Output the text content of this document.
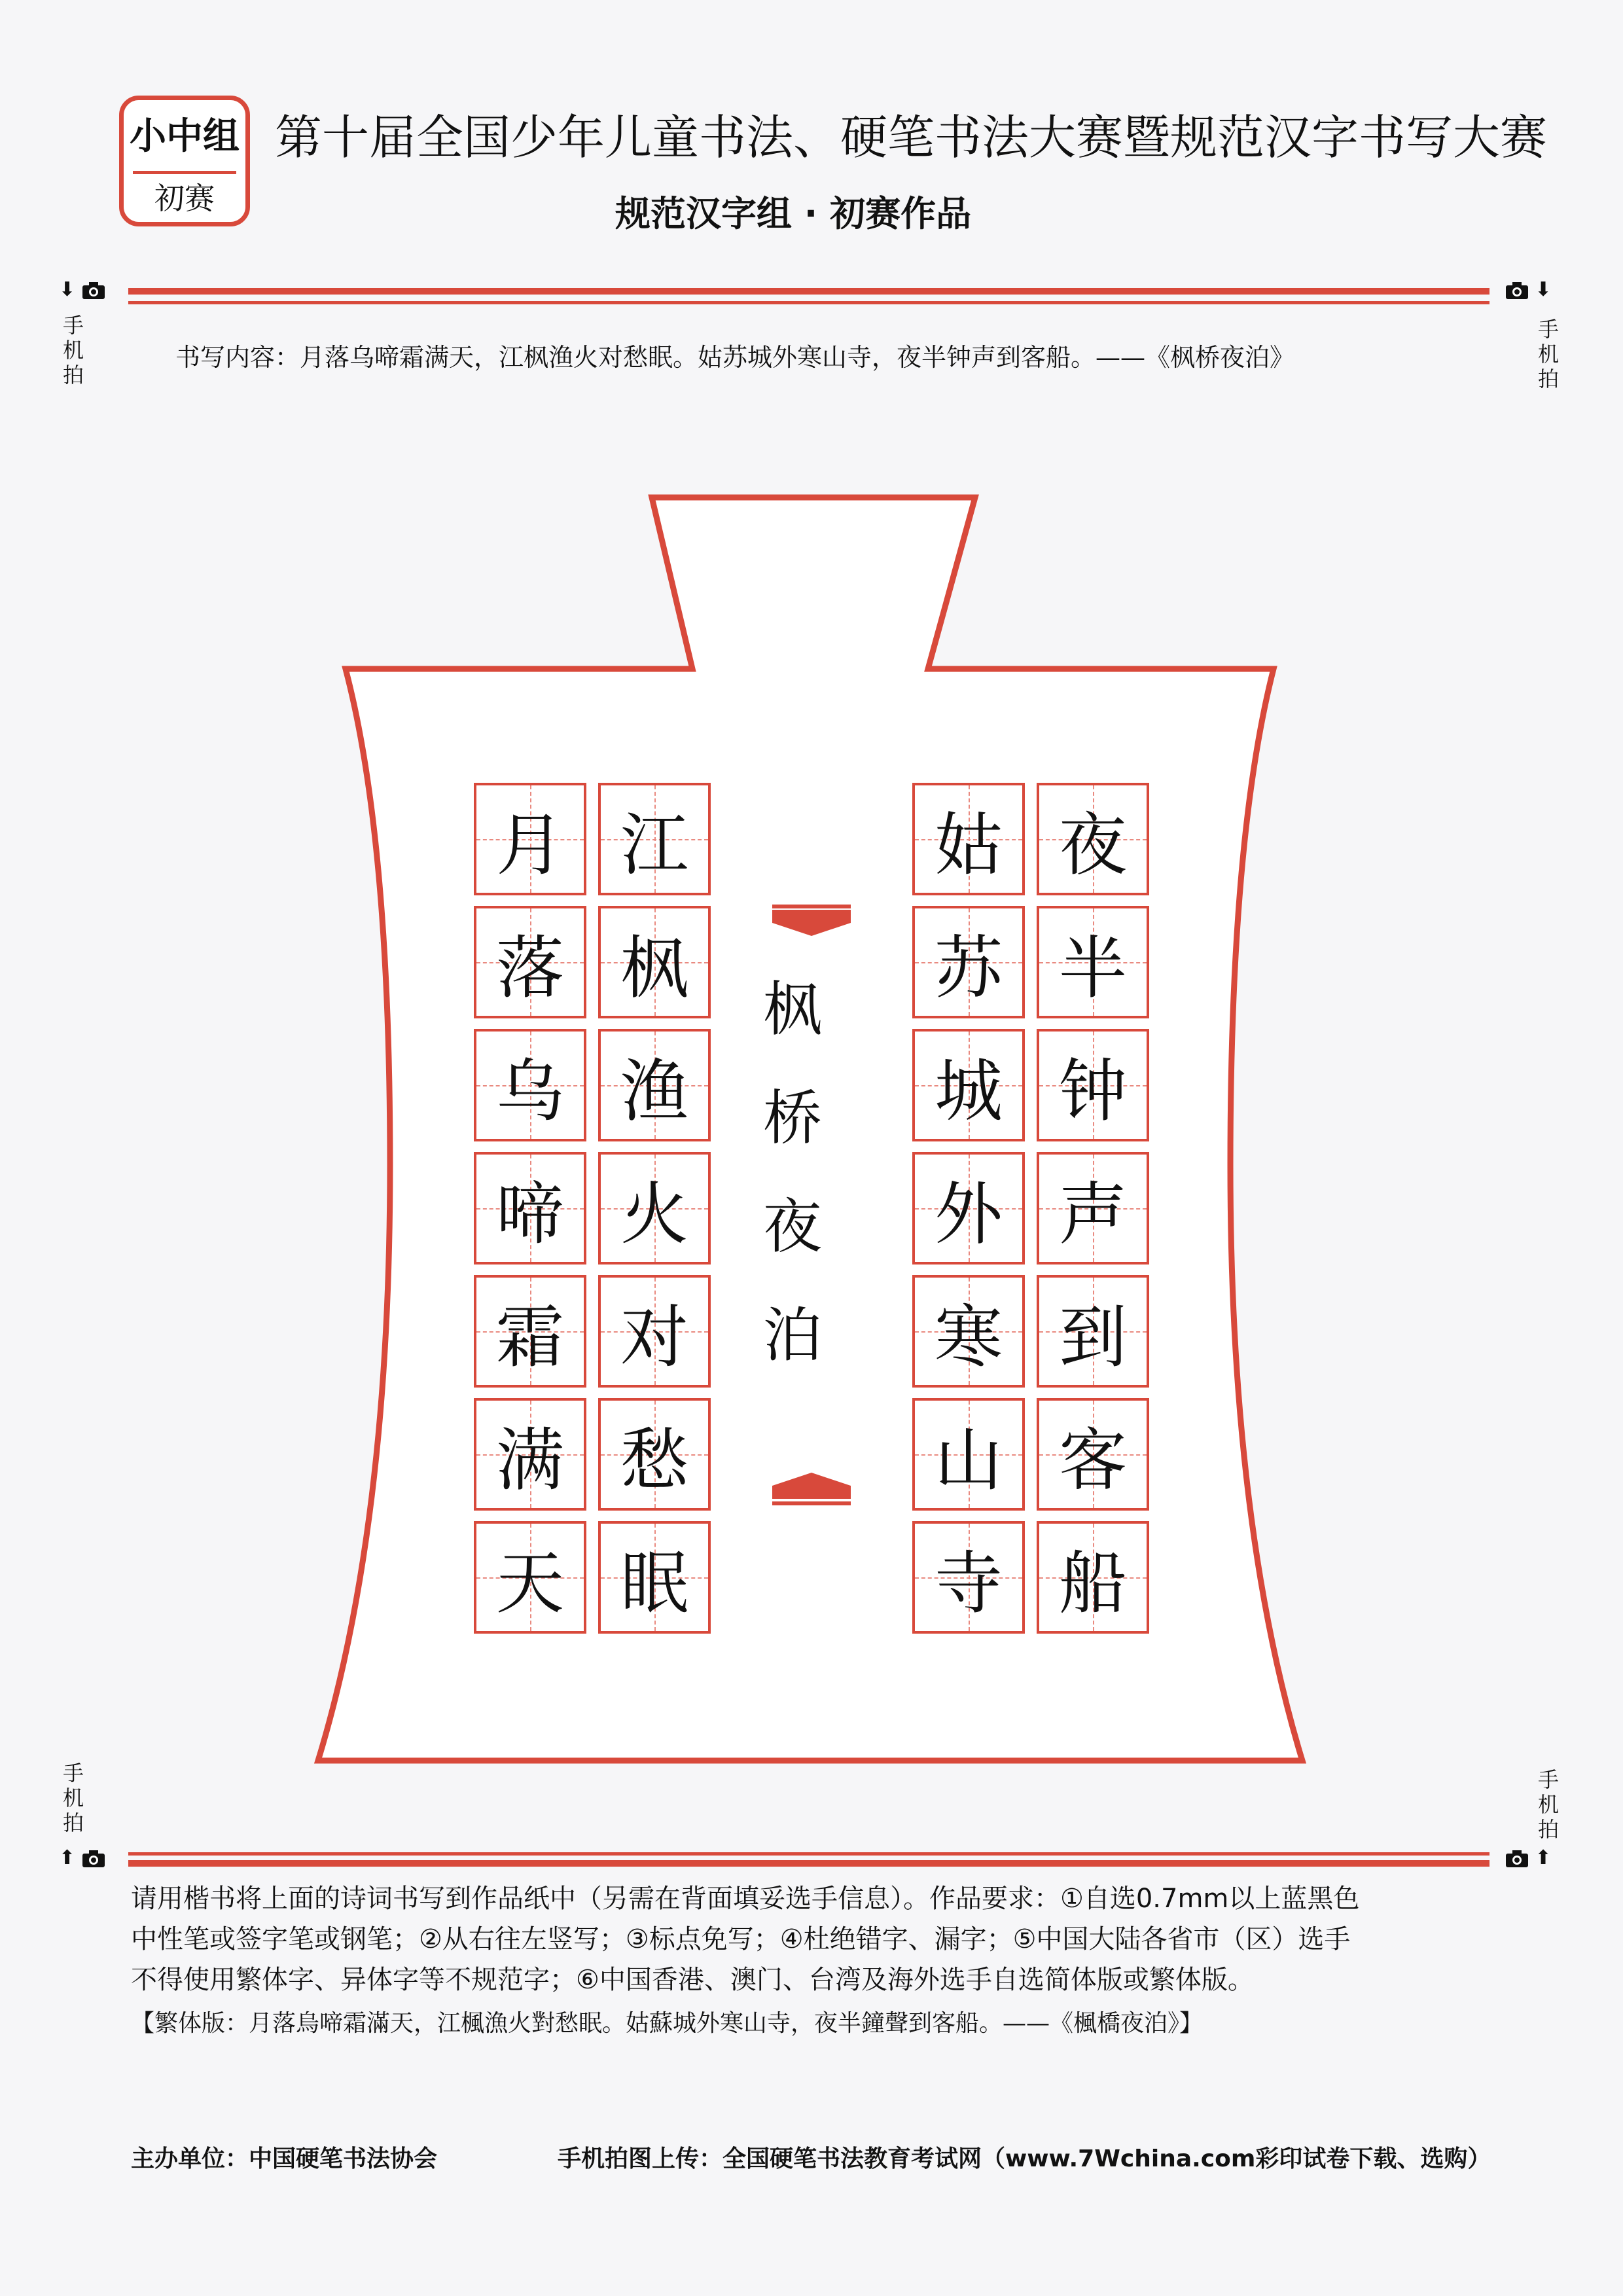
小中组
初赛
第十届全国少年儿童书法、硬笔书法大赛暨规范汉字书写大赛
规范汉字组 · 初赛作品
⬇
手
机
拍
⬇
手
机
拍
手
机
拍
⬆
手
机
拍
⬆
书写内容：月落乌啼霜满天，江枫渔火对愁眠。姑苏城外寒山寺，夜半钟声到客船。——《枫桥夜泊》
月
落
乌
啼
霜
满
天
江
枫
渔
火
对
愁
眠
姑
苏
城
外
寒
山
寺
夜
半
钟
声
到
客
船
枫
桥
夜
泊

请用楷书将上面的诗词书写到作品纸中（另需在背面填妥选手信息）。作品要求：①自选0.7mm以上蓝黑色

中性笔或签字笔或钢笔；②从右往左竖写；③标点免写；④杜绝错字、漏字；⑤中国大陆各省市（区）选手

不得使用繁体字、异体字等不规范字；⑥中国香港、澳门、台湾及海外选手自选简体版或繁体版。

【繁体版：月落烏啼霜滿天，江楓漁火對愁眠。姑蘇城外寒山寺，夜半鐘聲到客船。——《楓橋夜泊》】
主办单位：中国硬笔书法协会	手机拍图上传：全国硬笔书法教育考试网（www.7Wchina.com彩印试卷下载、选购）
